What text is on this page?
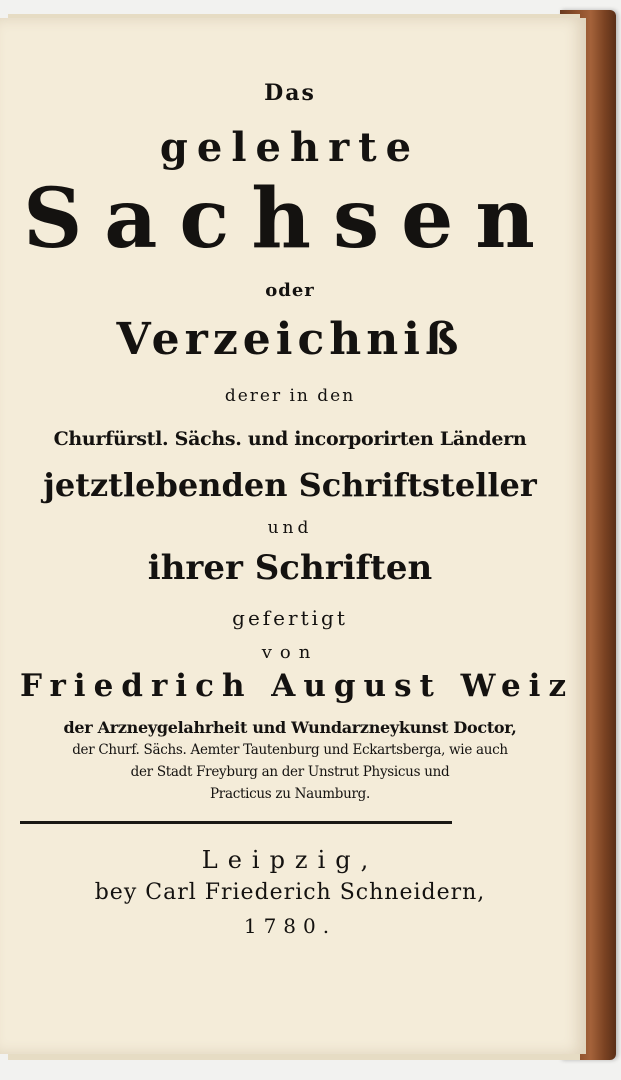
Das
gelehrte
Sachsen
oder
Verzeichniß
derer in den
Churfürstl. Sächs. und incorporirten Ländern
jetztlebenden Schriftsteller
und
ihrer Schriften
gefertigt
von
Friedrich August Weiz
der Arzneygelahrheit und Wundarzneykunst Doctor,
der Churf. Sächs. Aemter Tautenburg und Eckartsberga, wie auch
der Stadt Freyburg an der Unstrut Physicus und
Practicus zu Naumburg.
Leipzig,
bey Carl Friederich Schneidern,
1780.
